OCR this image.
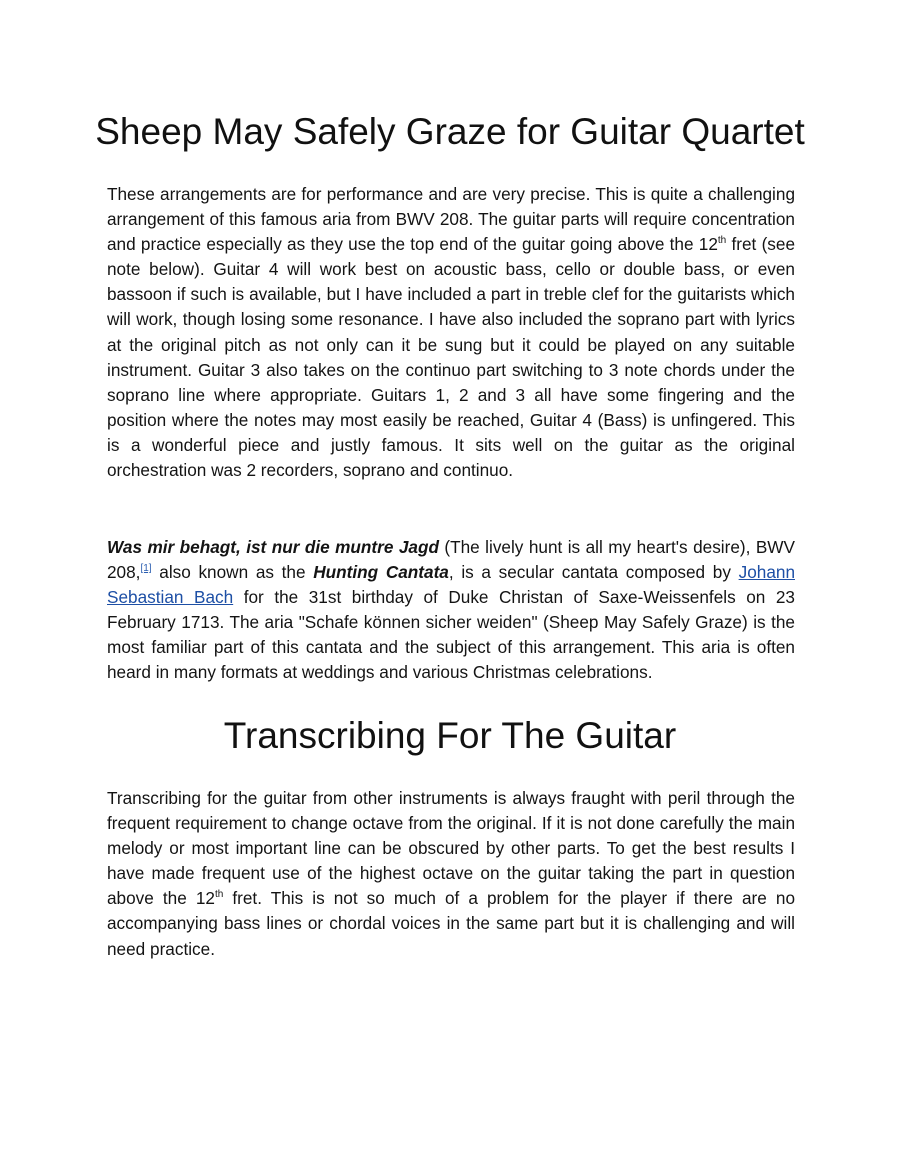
Sheep May Safely Graze for Guitar Quartet

These arrangements are for performance and are very precise. This is quite a challenging arrangement of this famous aria from BWV 208. The guitar parts will require concentration and practice especially as they use the top end of the guitar going above the 12th fret (see note below). Guitar 4 will work best on acoustic bass, cello or double bass, or even bassoon if such is available, but I have included a part in treble clef for the guitarists which will work, though losing some resonance. I have also included the soprano part with lyrics at the original pitch as not only can it be sung but it could be played on any suitable instrument. Guitar 3 also takes on the continuo part switching to 3 note chords under the soprano line where appropriate. Guitars 1, 2 and 3 all have some fingering and the position where the notes may most easily be reached, Guitar 4 (Bass) is unfingered. This is a wonderful piece and justly famous. It sits well on the guitar as the original orchestration was 2 recorders, soprano and continuo.

Was mir behagt, ist nur die muntre Jagd (The lively hunt is all my heart's desire), BWV 208,[1] also known as the Hunting Cantata, is a secular cantata composed by Johann Sebastian Bach for the 31st birthday of Duke Christan of Saxe-Weissenfels on 23 February 1713. The aria "Schafe können sicher weiden" (Sheep May Safely Graze) is the most familiar part of this cantata and the subject of this arrangement. This aria is often heard in many formats at weddings and various Christmas celebrations.

Transcribing For The Guitar

Transcribing for the guitar from other instruments is always fraught with peril through the frequent requirement to change octave from the original. If it is not done carefully the main melody or most important line can be obscured by other parts. To get the best results I have made frequent use of the highest octave on the guitar taking the part in question above the 12th fret. This is not so much of a problem for the player if there are no accompanying bass lines or chordal voices in the same part but it is challenging and will need practice.
